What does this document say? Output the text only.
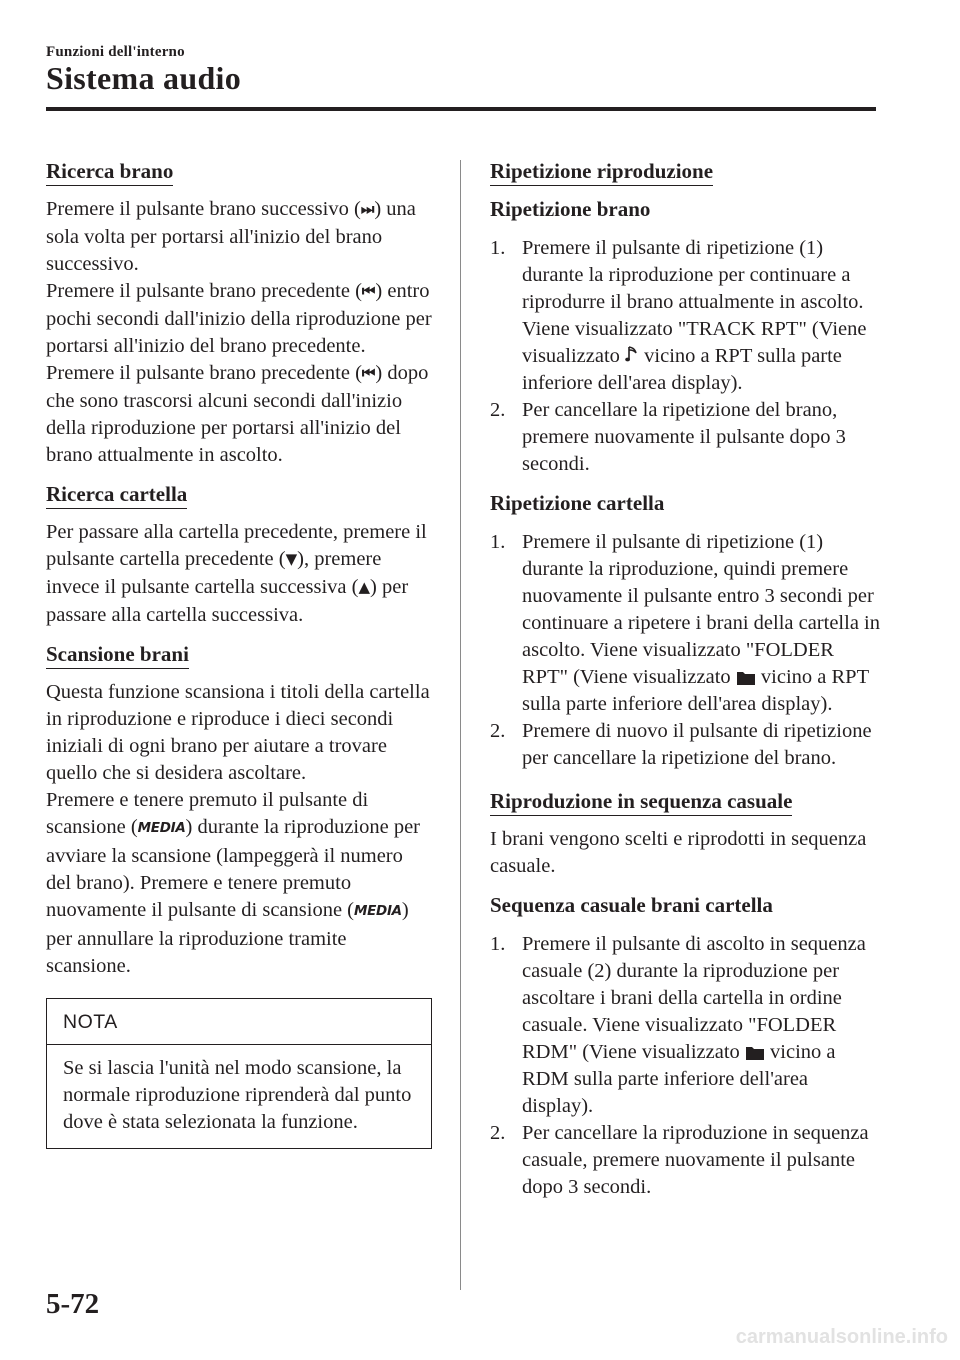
Funzioni dell'interno
Sistema audio
Ricerca brano
Premere il pulsante brano successivo (⏭) una sola volta per portarsi all'inizio del brano successivo.
Premere il pulsante brano precedente (⏮) entro pochi secondi dall'inizio della riproduzione per portarsi all'inizio del brano precedente.
Premere il pulsante brano precedente (⏮) dopo che sono trascorsi alcuni secondi dall'inizio della riproduzione per portarsi all'inizio del brano attualmente in ascolto.
Ricerca cartella
Per passare alla cartella precedente, premere il pulsante cartella precedente (▼), premere invece il pulsante cartella successiva (▲) per passare alla cartella successiva.
Scansione brani
Questa funzione scansiona i titoli della cartella in riproduzione e riproduce i dieci secondi iniziali di ogni brano per aiutare a trovare quello che si desidera ascoltare.
Premere e tenere premuto il pulsante di scansione (MEDIA) durante la riproduzione per avviare la scansione (lampeggerà il numero del brano). Premere e tenere premuto nuovamente il pulsante di scansione (MEDIA) per annullare la riproduzione tramite scansione.
NOTA
Se si lascia l'unità nel modo scansione, la normale riproduzione riprenderà dal punto dove è stata selezionata la funzione.
Ripetizione riproduzione
Ripetizione brano
1. Premere il pulsante di ripetizione (1) durante la riproduzione per continuare a riprodurre il brano attualmente in ascolto. Viene visualizzato "TRACK RPT" (Viene visualizzato  vicino a RPT sulla parte inferiore dell'area display).
2. Per cancellare la ripetizione del brano, premere nuovamente il pulsante dopo 3 secondi.
Ripetizione cartella
1. Premere il pulsante di ripetizione (1) durante la riproduzione, quindi premere nuovamente il pulsante entro 3 secondi per continuare a ripetere i brani della cartella in ascolto. Viene visualizzato "FOLDER RPT" (Viene visualizzato  vicino a RPT sulla parte inferiore dell'area display).
2. Premere di nuovo il pulsante di ripetizione per cancellare la ripetizione del brano.
Riproduzione in sequenza casuale

I brani vengono scelti e riprodotti in sequenza casuale.

Sequenza casuale brani cartella
1. Premere il pulsante di ascolto in sequenza casuale (2) durante la riproduzione per ascoltare i brani della cartella in ordine casuale. Viene visualizzato "FOLDER RDM" (Viene visualizzato  vicino a RDM sulla parte inferiore dell'area display).
2. Per cancellare la riproduzione in sequenza casuale, premere nuovamente il pulsante dopo 3 secondi.
5-72
carmanualsonline.info
